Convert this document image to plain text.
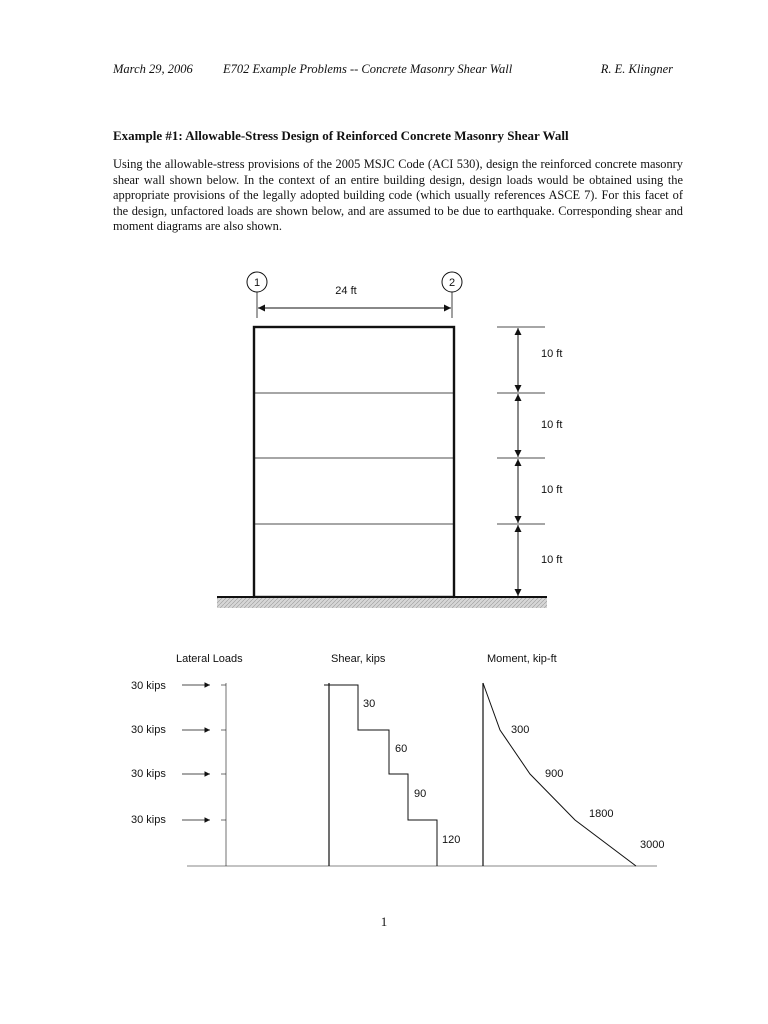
March 29, 2006 E702 Example Problems -- Concrete Masonry Shear Wall	R. E. Klingner
Example #1: Allowable-Stress Design of Reinforced Concrete Masonry Shear Wall

Using the allowable-stress provisions of the 2005 MSJC Code (ACI 530), design the reinforced concrete masonry shear wall shown below. In the context of an entire building design, design loads would be obtained using the appropriate provisions of the legally adopted building code (which usually references ASCE 7). For this facet of the design, unfactored loads are shown below, and are assumed to be due to earthquake. Corresponding shear and moment diagrams are also shown.

1	2
24 ft
10 ft
10 ft
10 ft
10 ft
Lateral Loads	Shear, kips	Moment, kip-ft
30 kips
30 kips
30 kips
30 kips
30
60
90
120
300
900
1800
3000
1
